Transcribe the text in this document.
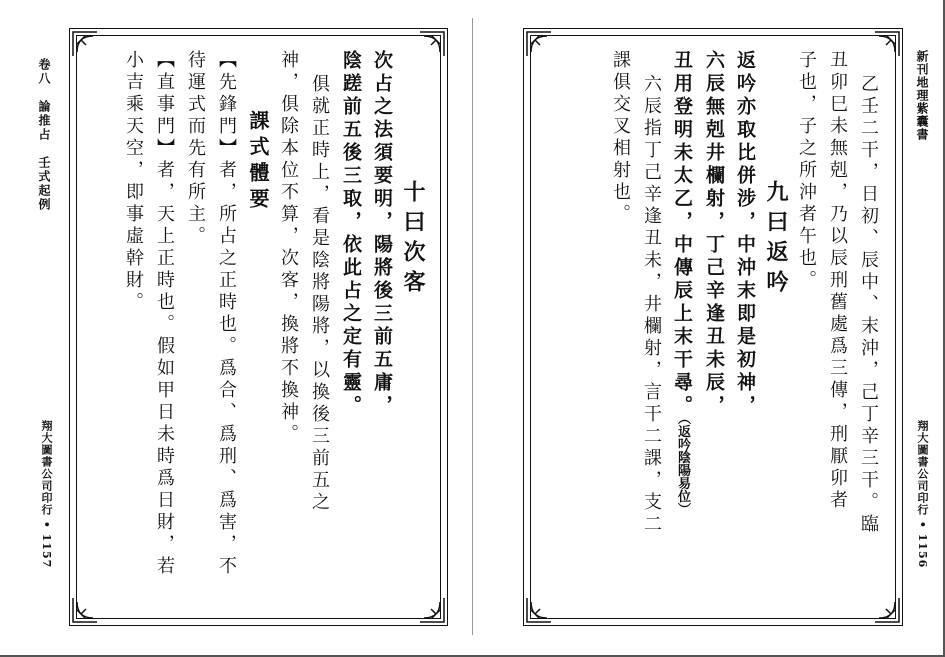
卷八　論推占　壬式起例
翔大圖書公司印行 • 1157
十曰次客
次占之法須要明，陽將後三前五庸，
陰蹉前五後三取，依此占之定有靈。
俱就正時上，看是陰將陽將，以換後三前五之
神，俱除本位不算，次客，換將不換神。
課式體要
【先鋒門】者，所占之正時也。爲合、爲刑、爲害，不
待運式而先有所主。
【直事門】者，天上正時也。假如甲日未時爲日財，若
小吉乘天空，即事虛幹財。	新刊地理紫囊書
翔大圖書公司印行 • 1156
乙壬二干，日初、辰中、末沖，己丁辛三干。臨
丑卯巳未無剋，乃以辰刑舊處爲三傳，刑厭卯者
子也，子之所沖者午也。
九曰返吟
返吟亦取比併涉，中沖末即是初神，
六辰無剋井欄射，丁己辛逢丑未辰，
丑用登明未太乙，中傳辰上末干尋。（返吟陰陽易位）
六辰指丁己辛逢丑未，井欄射，言干二課，支二
課俱交叉相射也。
